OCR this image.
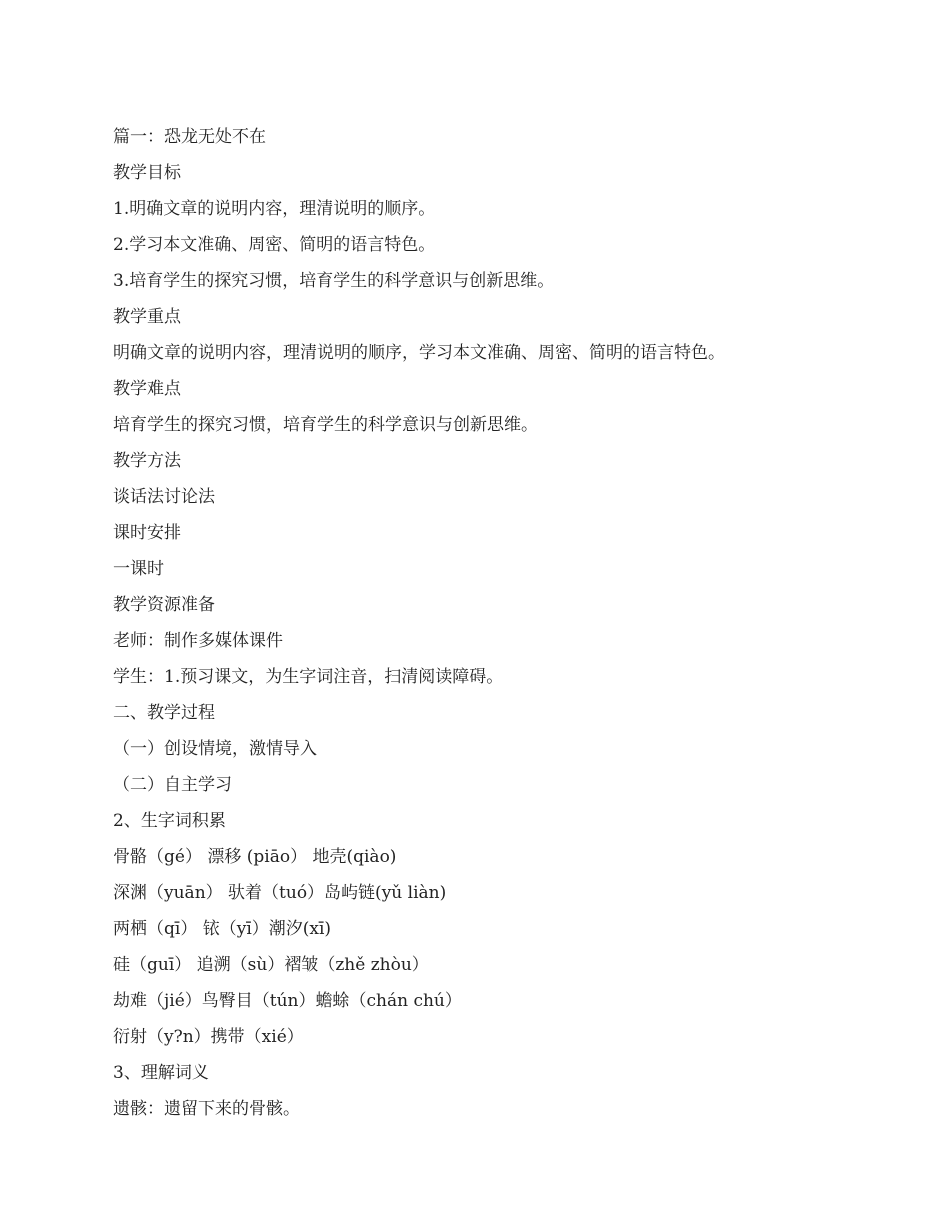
篇一：恐龙无处不在
教学目标
1.明确文章的说明内容，理清说明的顺序。
2.学习本文准确、周密、简明的语言特色。
3.培育学生的探究习惯，培育学生的科学意识与创新思维。
教学重点
明确文章的说明内容，理清说明的顺序，学习本文准确、周密、简明的语言特色。
教学难点
培育学生的探究习惯，培育学生的科学意识与创新思维。
教学方法
谈话法讨论法
课时安排
一课时
教学资源准备
老师：制作多媒体课件
学生：1.预习课文，为生字词注音，扫清阅读障碍。
二、教学过程
（一）创设情境，激情导入
（二）自主学习
2、生字词积累
骨骼（gé） 漂移 (piāo） 地壳(qiào)
深渊（yuān） 驮着（tuó）岛屿链(yǔ liàn)
两栖（qī） 铱（yī）潮汐(xī)
硅（guī） 追溯（sù）褶皱（zhě zhòu）
劫难（jié）鸟臀目（tún）蟾蜍（chán chú）
衍射（y?n）携带（xié）
3、理解词义
遗骸：遗留下来的骨骸。
